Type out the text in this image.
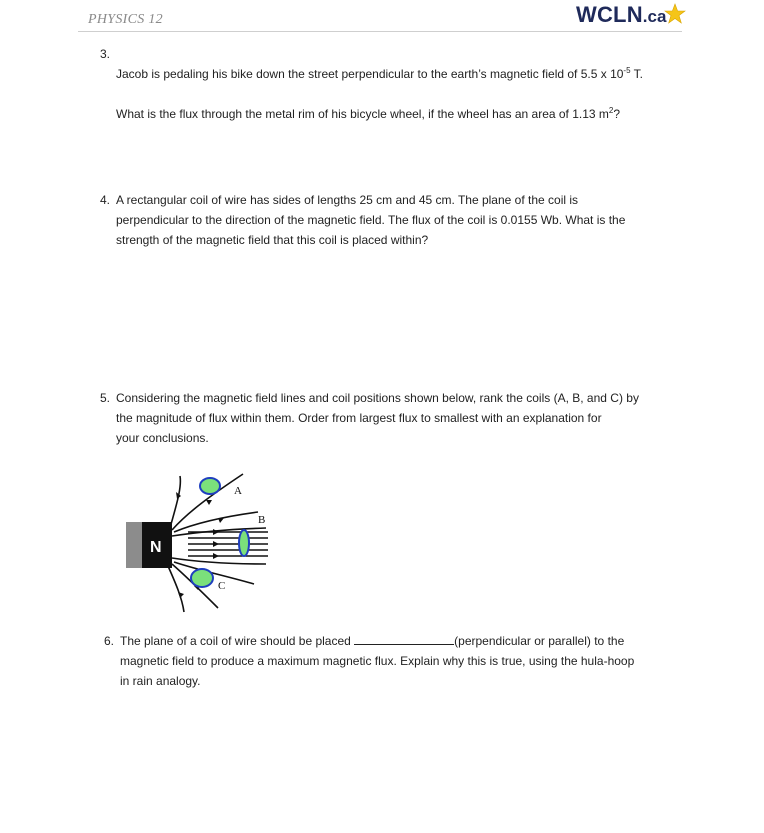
PHYSICS 12	WCLN .ca
3.

Jacob is pedaling his bike down the street perpendicular to the earth’s magnetic field of 5.5 x $10^{-5}$ T.

What is the flux through the metal rim of his bicycle wheel, if the wheel has an area of 1.13 $m^2$?

4. A rectangular coil of wire has sides of lengths 25 cm and 45 cm. The plane of the coil is
perpendicular to the direction of the magnetic field. The flux of the coil is 0.0155 Wb. What is the
strength of the magnetic field that this coil is placed within?
5. Considering the magnetic field lines and coil positions shown below, rank the coils (A, B, and C) by
the magnitude of flux within them. Order from largest flux to smallest with an explanation for
your conclusions.
N
A
B
C
6. The plane of a coil of wire should be placed	(perpendicular or parallel) to the
magnetic field to produce a maximum magnetic flux. Explain why this is true, using the hula-hoop
in rain analogy.
